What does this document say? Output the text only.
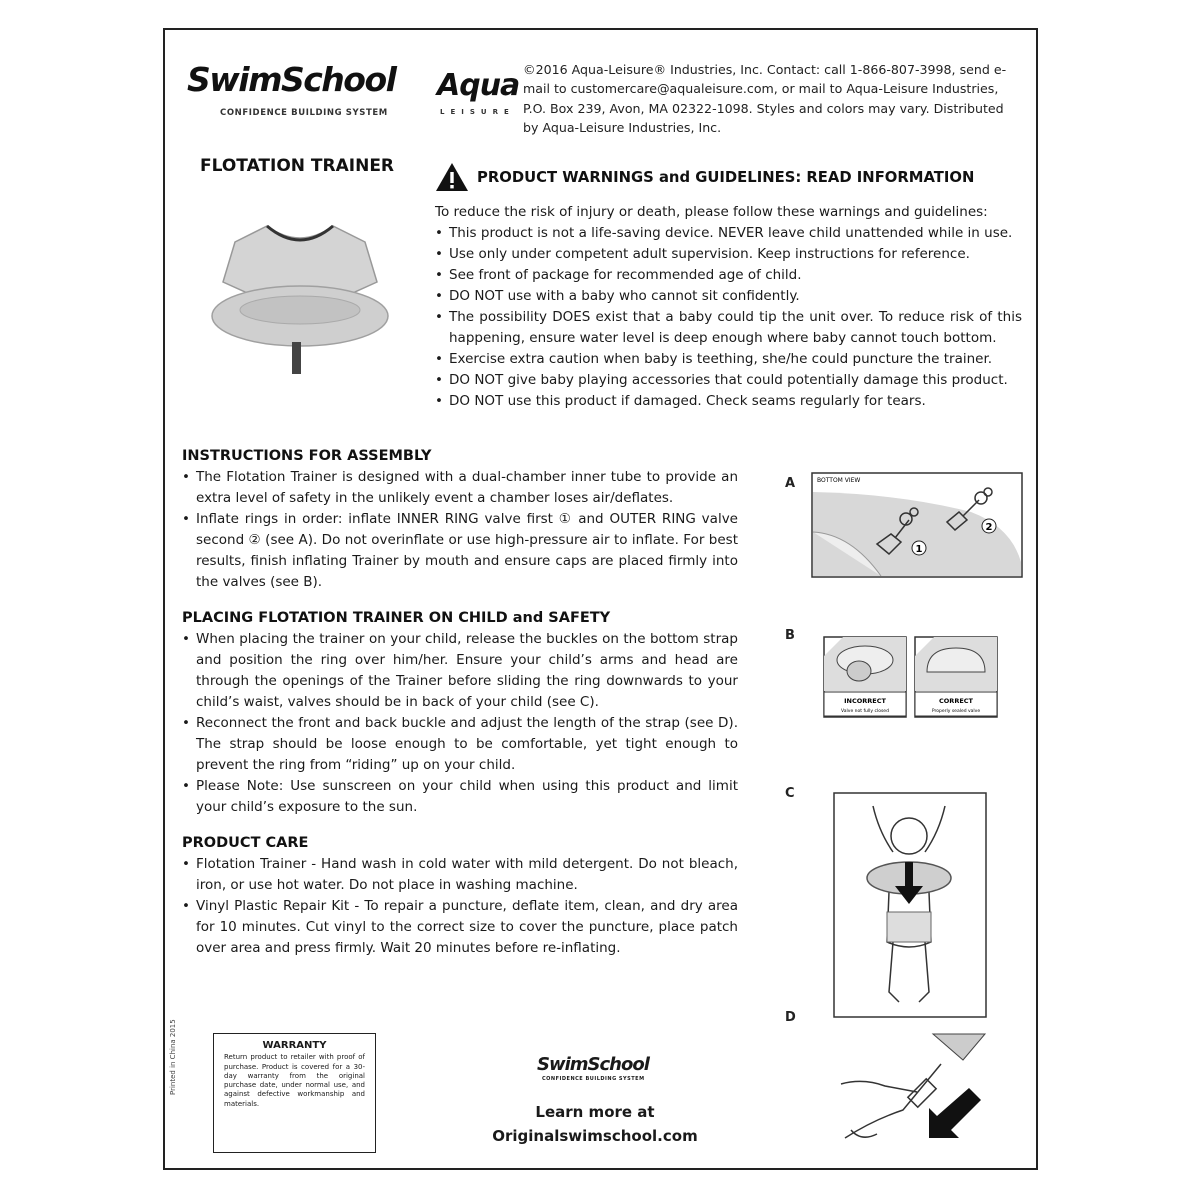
SwimSchool
CONFIDENCE BUILDING SYSTEM
Aqua
LEISURE
©2016 Aqua-Leisure® Industries, Inc. Contact: call 1-866-807-3998, send e-mail to customercare@aqualeisure.com, or mail to Aqua-Leisure Industries, P.O. Box 239, Avon, MA 02322-1098. Styles and colors may vary. Distributed by Aqua-Leisure Industries, Inc.
FLOTATION TRAINER
PRODUCT WARNINGS and GUIDELINES: READ INFORMATION
To reduce the risk of injury or death, please follow these warnings and guidelines:
• This product is not a life-saving device. NEVER leave child unattended while in use.
• Use only under competent adult supervision. Keep instructions for reference.
• See front of package for recommended age of child.
• DO NOT use with a baby who cannot sit confidently.
• The possibility DOES exist that a baby could tip the unit over. To reduce risk of this happening, ensure water level is deep enough where baby cannot touch bottom.
• Exercise extra caution when baby is teething, she/he could puncture the trainer.
• DO NOT give baby playing accessories that could potentially damage this product.
• DO NOT use this product if damaged. Check seams regularly for tears.
INSTRUCTIONS FOR ASSEMBLY
• The Flotation Trainer is designed with a dual-chamber inner tube to provide an extra level of safety in the unlikely event a chamber loses air/deflates.
• Inflate rings in order: inflate INNER RING valve first ① and OUTER RING valve second ② (see A). Do not overinflate or use high-pressure air to inflate. For best results, finish inflating Trainer by mouth and ensure caps are placed firmly into the valves (see B).
PLACING FLOTATION TRAINER ON CHILD and SAFETY
• When placing the trainer on your child, release the buckles on the bottom strap and position the ring over him/her. Ensure your child’s arms and head are through the openings of the Trainer before sliding the ring downwards to your child’s waist, valves should be in back of your child (see C).
• Reconnect the front and back buckle and adjust the length of the strap (see D). The strap should be loose enough to be comfortable, yet tight enough to prevent the ring from “riding” up on your child.
• Please Note: Use sunscreen on your child when using this product and limit your child’s exposure to the sun.
PRODUCT CARE
• Flotation Trainer - Hand wash in cold water with mild detergent. Do not bleach, iron, or use hot water. Do not place in washing machine.
• Vinyl Plastic Repair Kit - To repair a puncture, deflate item, clean, and dry area for 10 minutes. Cut vinyl to the correct size to cover the puncture, place patch over area and press firmly. Wait 20 minutes before re-inflating.
A	BOTTOM VIEW
1
2
B
INCORRECT
Valve not fully closed
CORRECT
Properly sealed valve
C
D
WARRANTY
Return product to retailer with proof of purchase. Product is covered for a 30-day warranty from the original purchase date, under normal use, and against defective workmanship and materials.
Printed in China 2015	SwimSchool
CONFIDENCE BUILDING SYSTEM
Learn more at
Originalswimschool.com
